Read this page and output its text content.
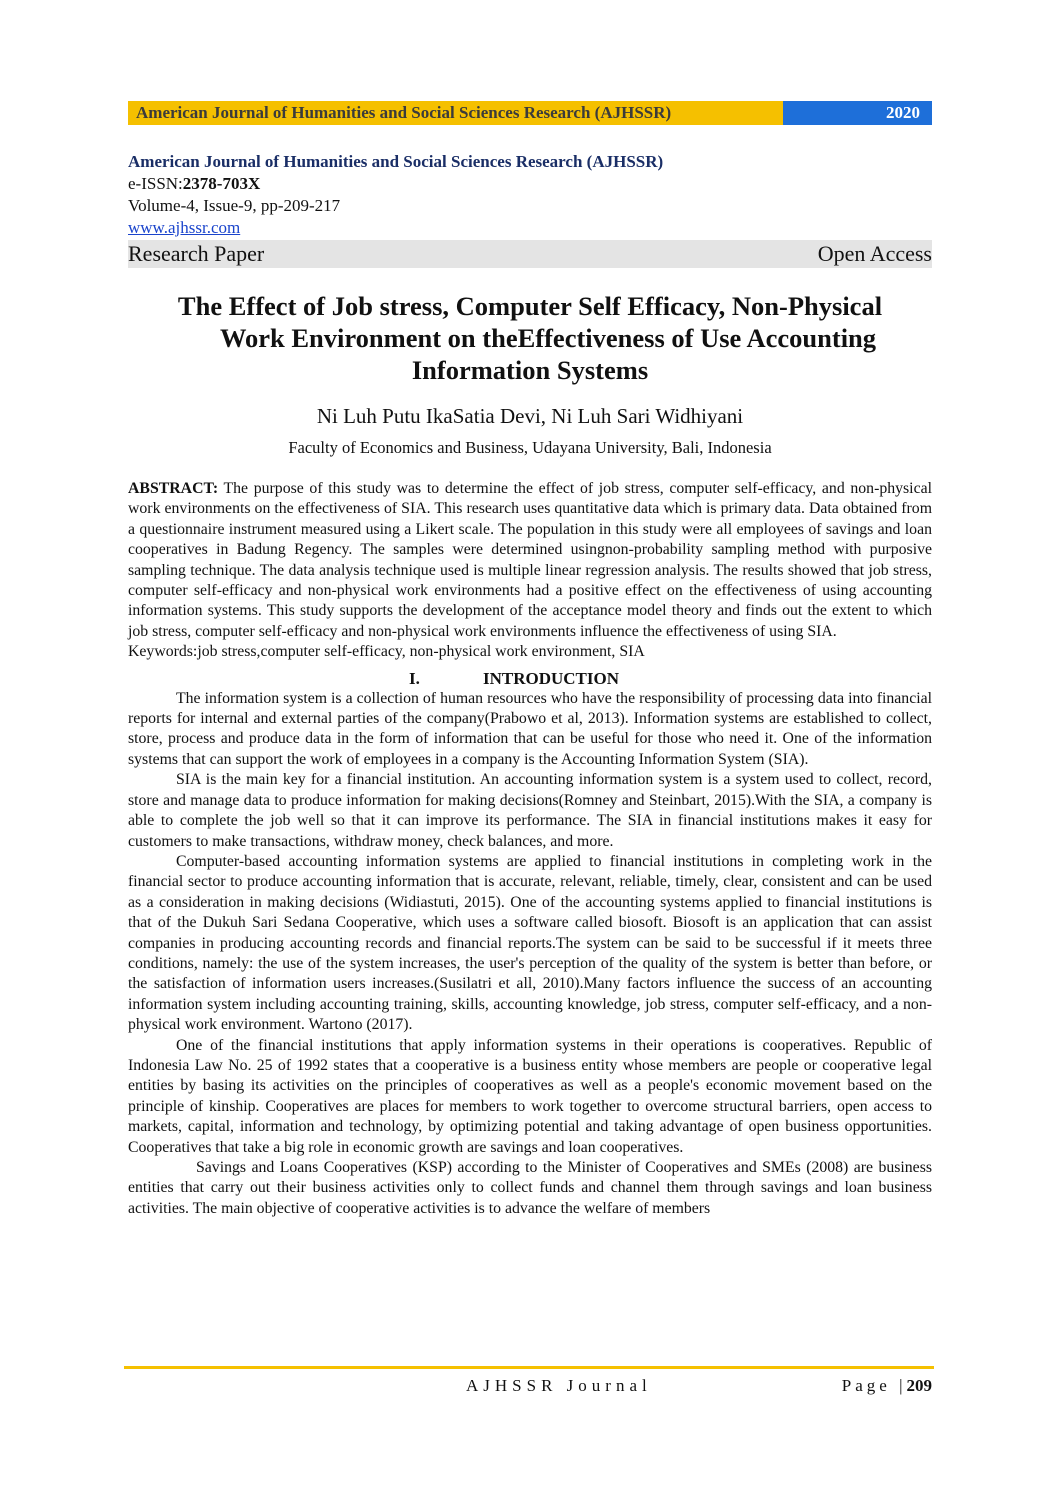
American Journal of Humanities and Social Sciences Research (AJHSSR)	2020
American Journal of Humanities and Social Sciences Research (AJHSSR)
e-ISSN:2378-703X
Volume-4, Issue-9, pp-209-217
www.ajhssr.com
Research Paper	Open Access
The Effect of Job stress, Computer Self Efficacy, Non-Physical
Work Environment on theEffectiveness of Use Accounting
Information Systems
Ni Luh Putu IkaSatia Devi, Ni Luh Sari Widhiyani
Faculty of Economics and Business, Udayana University, Bali, Indonesia

ABSTRACT: The purpose of this study was to determine the effect of job stress, computer self-efficacy, and non-physical work environments on the effectiveness of SIA. This research uses quantitative data which is primary data. Data obtained from a questionnaire instrument measured using a Likert scale. The population in this study were all employees of savings and loan cooperatives in Badung Regency. The samples were determined usingnon-probability sampling method with purposive sampling technique. The data analysis technique used is multiple linear regression analysis. The results showed that job stress, computer self-efficacy and non-physical work environments had a positive effect on the effectiveness of using accounting information systems. This study supports the development of the acceptance model theory and finds out the extent to which job stress, computer self-efficacy and non-physical work environments influence the effectiveness of using SIA.

Keywords:job stress,computer self-efficacy, non-physical work environment, SIA

I.	INTRODUCTION

The information system is a collection of human resources who have the responsibility of processing data into financial reports for internal and external parties of the company(Prabowo et al, 2013). Information systems are established to collect, store, process and produce data in the form of information that can be useful for those who need it. One of the information systems that can support the work of employees in a company is the Accounting Information System (SIA).

SIA is the main key for a financial institution. An accounting information system is a system used to collect, record, store and manage data to produce information for making decisions(Romney and Steinbart, 2015).With the SIA, a company is able to complete the job well so that it can improve its performance. The SIA in financial institutions makes it easy for customers to make transactions, withdraw money, check balances, and more.

Computer-based accounting information systems are applied to financial institutions in completing work in the financial sector to produce accounting information that is accurate, relevant, reliable, timely, clear, consistent and can be used as a consideration in making decisions (Widiastuti, 2015). One of the accounting systems applied to financial institutions is that of the Dukuh Sari Sedana Cooperative, which uses a software called biosoft. Biosoft is an application that can assist companies in producing accounting records and financial reports.The system can be said to be successful if it meets three conditions, namely: the use of the system increases, the user's perception of the quality of the system is better than before, or the satisfaction of information users increases.(Susilatri et all, 2010).Many factors influence the success of an accounting information system including accounting training, skills, accounting knowledge, job stress, computer self-efficacy, and a non-physical work environment. Wartono (2017).

One of the financial institutions that apply information systems in their operations is cooperatives. Republic of Indonesia Law No. 25 of 1992 states that a cooperative is a business entity whose members are people or cooperative legal entities by basing its activities on the principles of cooperatives as well as a people's economic movement based on the principle of kinship. Cooperatives are places for members to work together to overcome structural barriers, open access to markets, capital, information and technology, by optimizing potential and taking advantage of open business opportunities. Cooperatives that take a big role in economic growth are savings and loan cooperatives.

Savings and Loans Cooperatives (KSP) according to the Minister of Cooperatives and SMEs (2008) are business entities that carry out their business activities only to collect funds and channel them through savings and loan business activities. The main objective of cooperative activities is to advance the welfare of members

AJHSSR Journal	Page |209
